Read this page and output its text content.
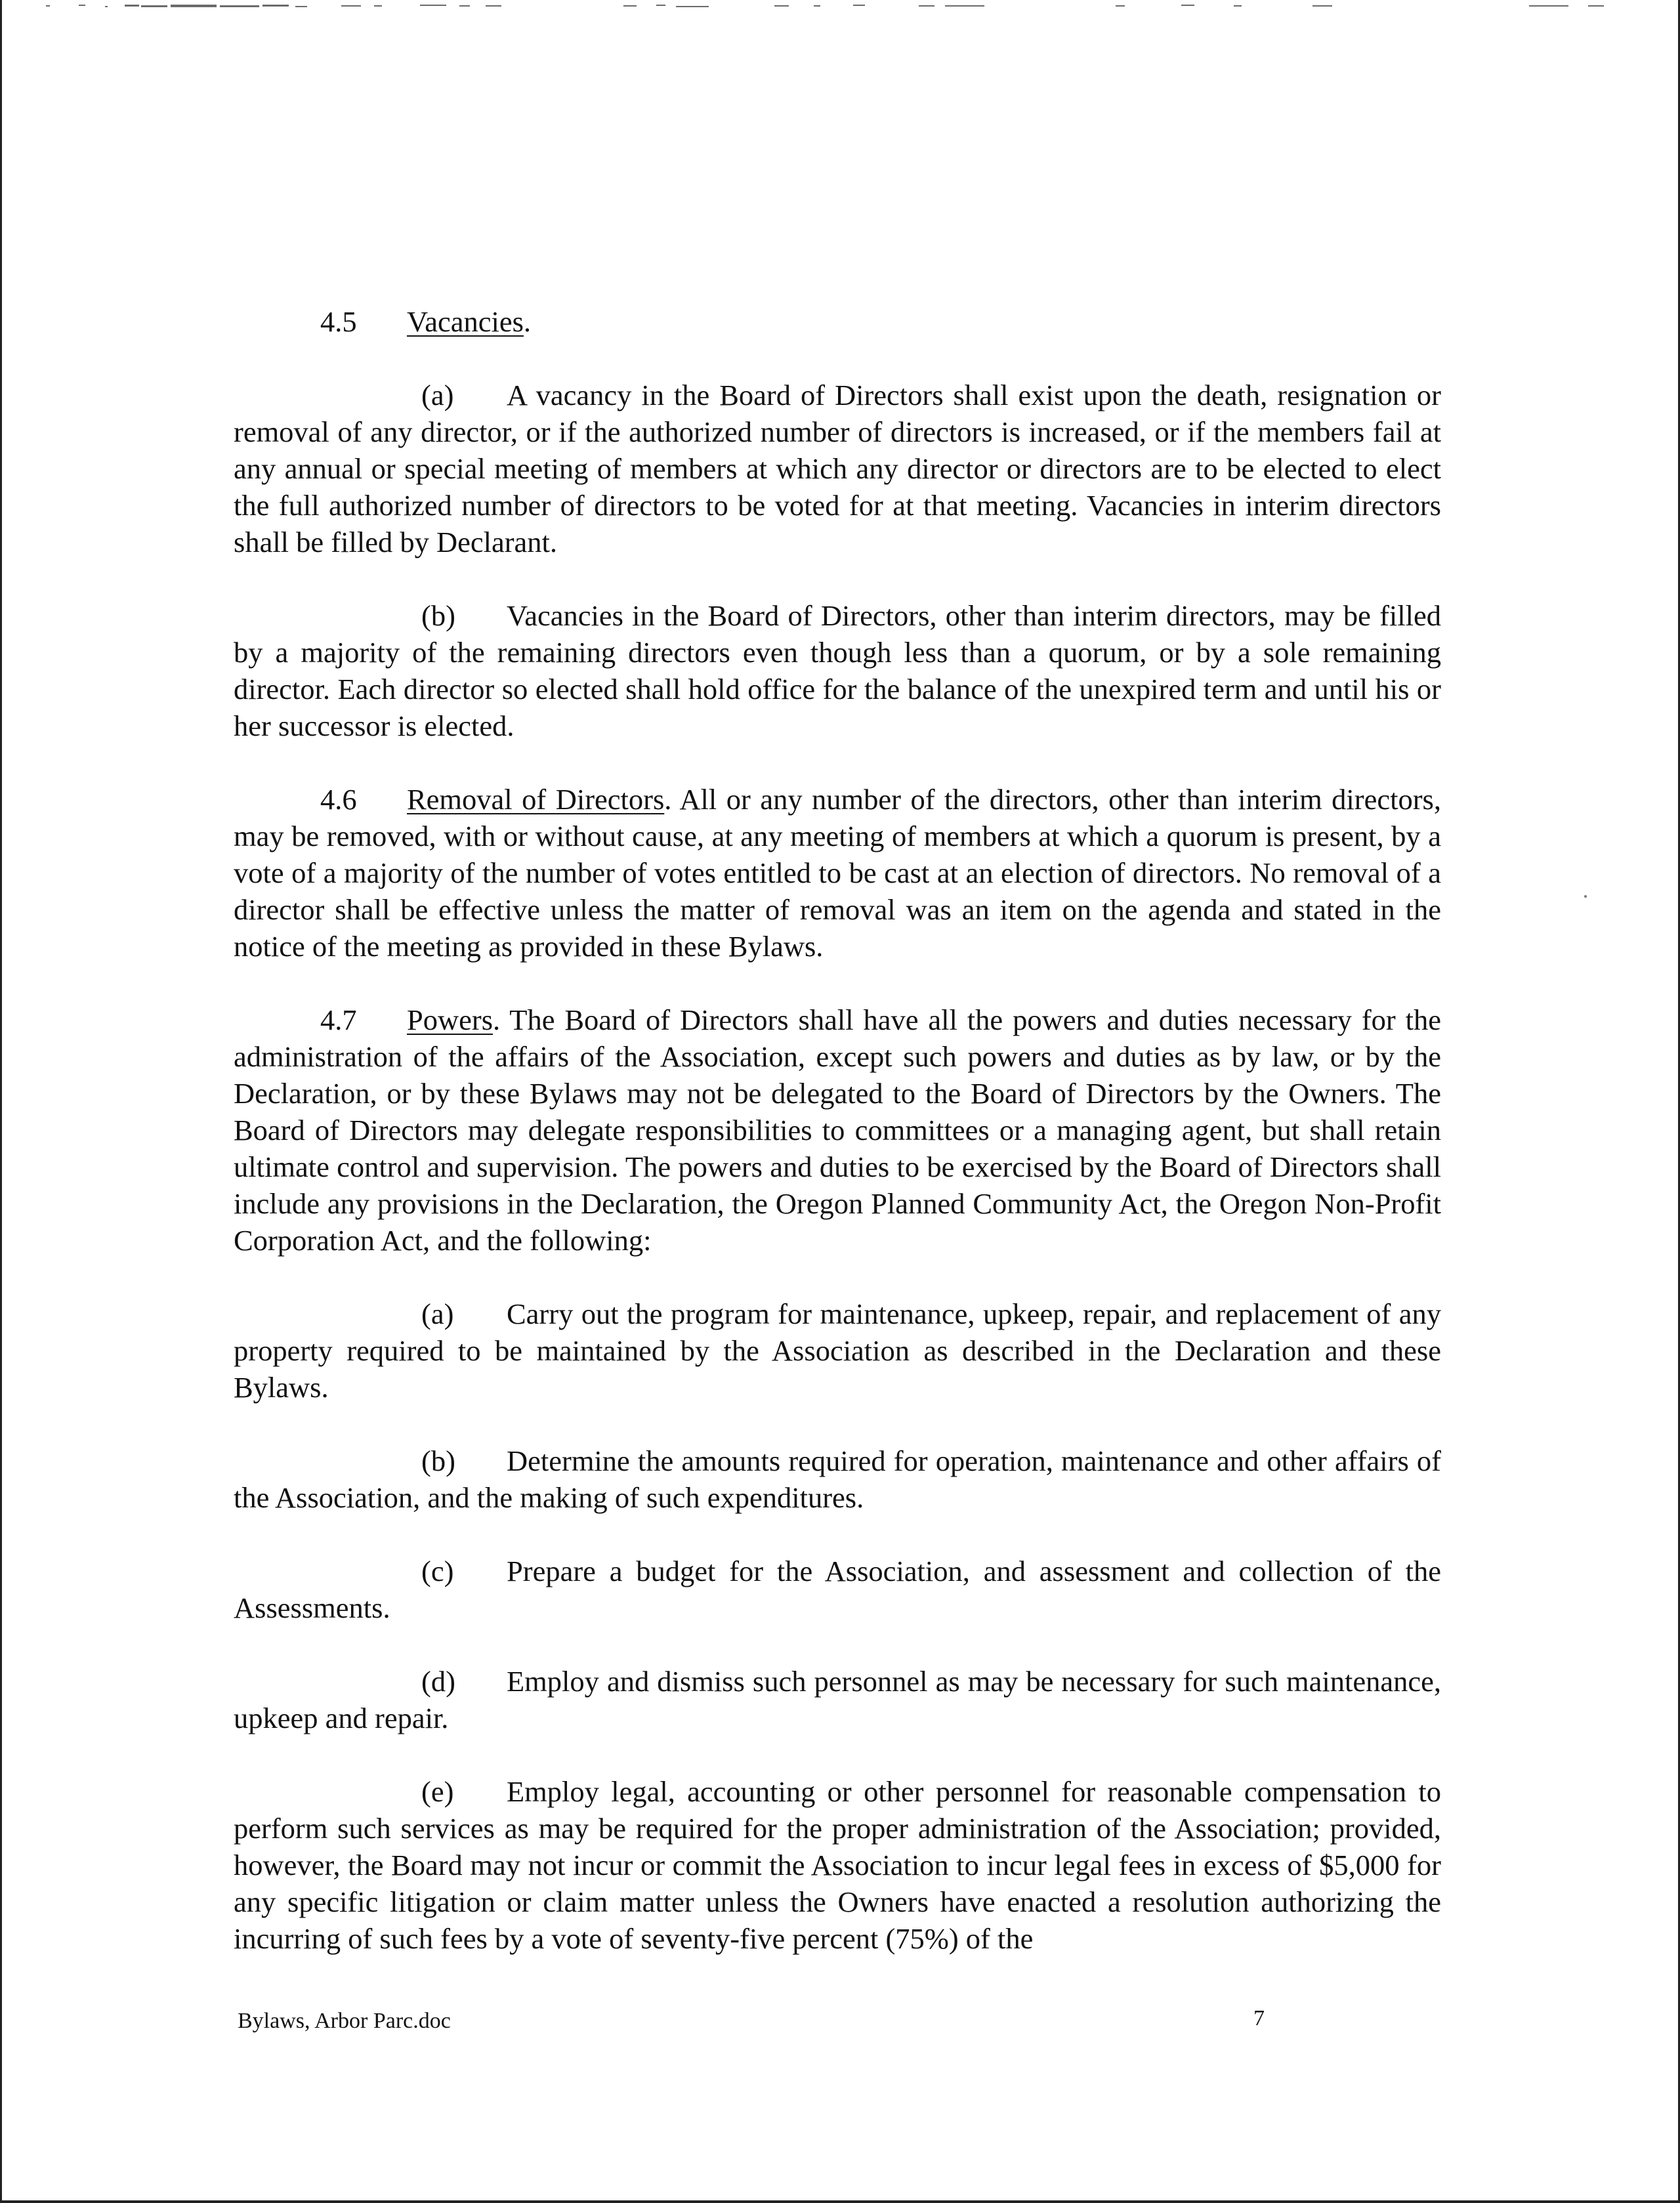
4.5 Vacancies.

(a) A vacancy in the Board of Directors shall exist upon the death, resignation or removal of any director, or if the authorized number of directors is increased, or if the members fail at any annual or special meeting of members at which any director or directors are to be elected to elect the full authorized number of directors to be voted for at that meeting. Vacancies in interim directors shall be filled by Declarant.

(b) Vacancies in the Board of Directors, other than interim directors, may be filled by a majority of the remaining directors even though less than a quorum, or by a sole remaining director. Each director so elected shall hold office for the balance of the unexpired term and until his or her successor is elected.

4.6 Removal of Directors. All or any number of the directors, other than interim directors, may be removed, with or without cause, at any meeting of members at which a quorum is present, by a vote of a majority of the number of votes entitled to be cast at an election of directors. No removal of a director shall be effective unless the matter of removal was an item on the agenda and stated in the notice of the meeting as provided in these Bylaws.

4.7 Powers. The Board of Directors shall have all the powers and duties necessary for the administration of the affairs of the Association, except such powers and duties as by law, or by the Declaration, or by these Bylaws may not be delegated to the Board of Directors by the Owners. The Board of Directors may delegate responsibilities to committees or a managing agent, but shall retain ultimate control and supervision. The powers and duties to be exercised by the Board of Directors shall include any provisions in the Declaration, the Oregon Planned Community Act, the Oregon Non-Profit Corporation Act, and the following:

(a) Carry out the program for maintenance, upkeep, repair, and replacement of any property required to be maintained by the Association as described in the Declaration and these Bylaws.

(b) Determine the amounts required for operation, maintenance and other affairs of the Association, and the making of such expenditures.

(c) Prepare a budget for the Association, and assessment and collection of the Assessments.

(d) Employ and dismiss such personnel as may be necessary for such maintenance, upkeep and repair.

(e) Employ legal, accounting or other personnel for reasonable compensation to perform such services as may be required for the proper administration of the Association; provided, however, the Board may not incur or commit the Association to incur legal fees in excess of $5,000 for any specific litigation or claim matter unless the Owners have enacted a resolution authorizing the incurring of such fees by a vote of seventy-five percent (75%) of the

Bylaws, Arbor Parc.doc	7
